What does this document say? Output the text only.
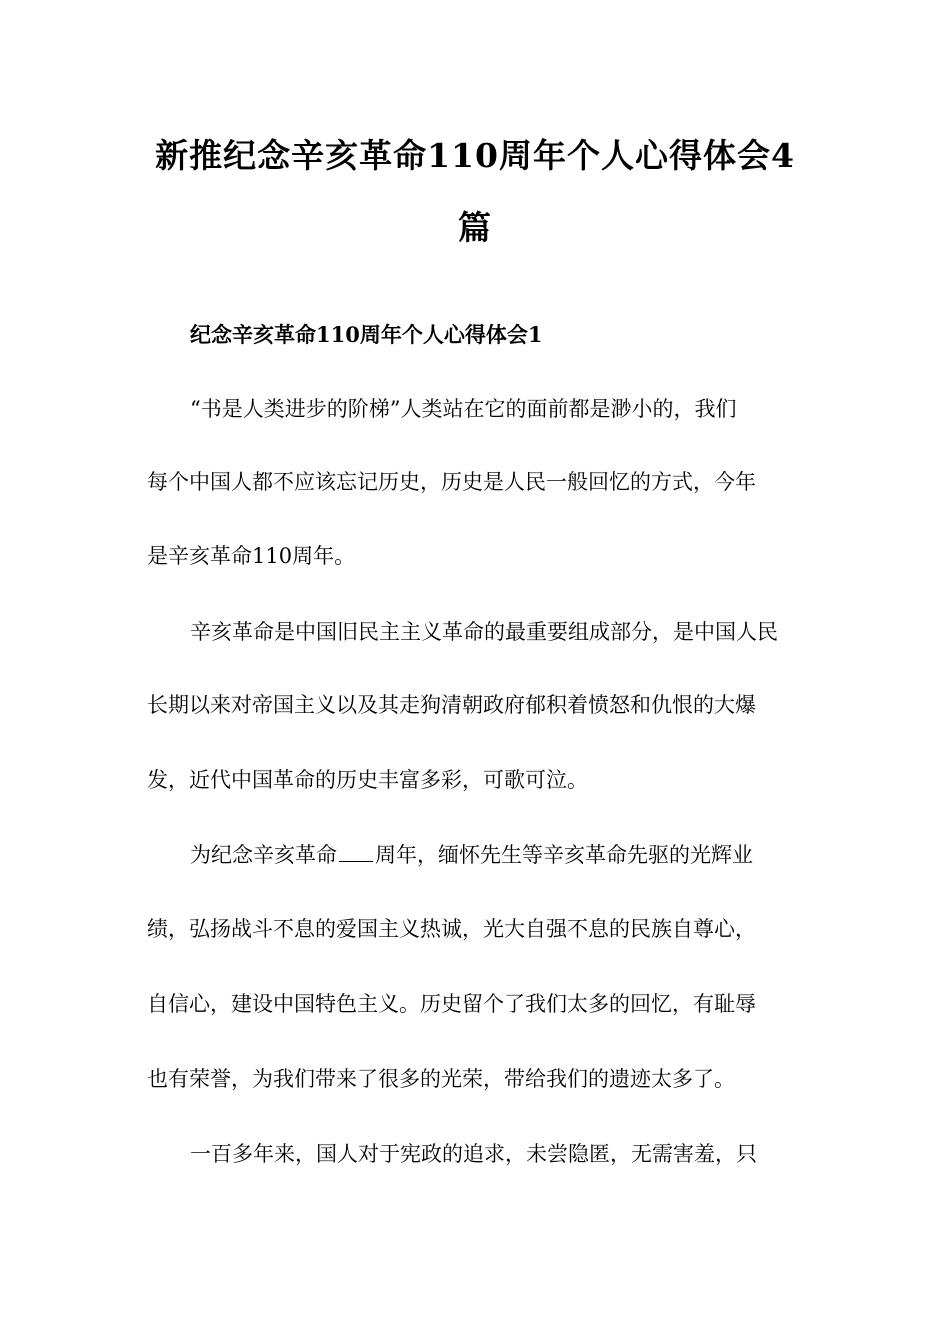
新推纪念辛亥革命110周年个人心得体会4
篇

纪念辛亥革命110周年个人心得体会1

“书是人类进步的阶梯”人类站在它的面前都是渺小的，我们

每个中国人都不应该忘记历史，历史是人民一般回忆的方式，今年

是辛亥革命110周年。

辛亥革命是中国旧民主主义革命的最重要组成部分，是中国人民

长期以来对帝国主义以及其走狗清朝政府郁积着愤怒和仇恨的大爆

发，近代中国革命的历史丰富多彩，可歌可泣。

为纪念辛亥革命 周年，缅怀先生等辛亥革命先驱的光辉业

绩，弘扬战斗不息的爱国主义热诚，光大自强不息的民族自尊心，

自信心，建设中国特色主义。历史留个了我们太多的回忆，有耻辱

也有荣誉，为我们带来了很多的光荣，带给我们的遗迹太多了。

一百多年来，国人对于宪政的追求，未尝隐匿，无需害羞，只
